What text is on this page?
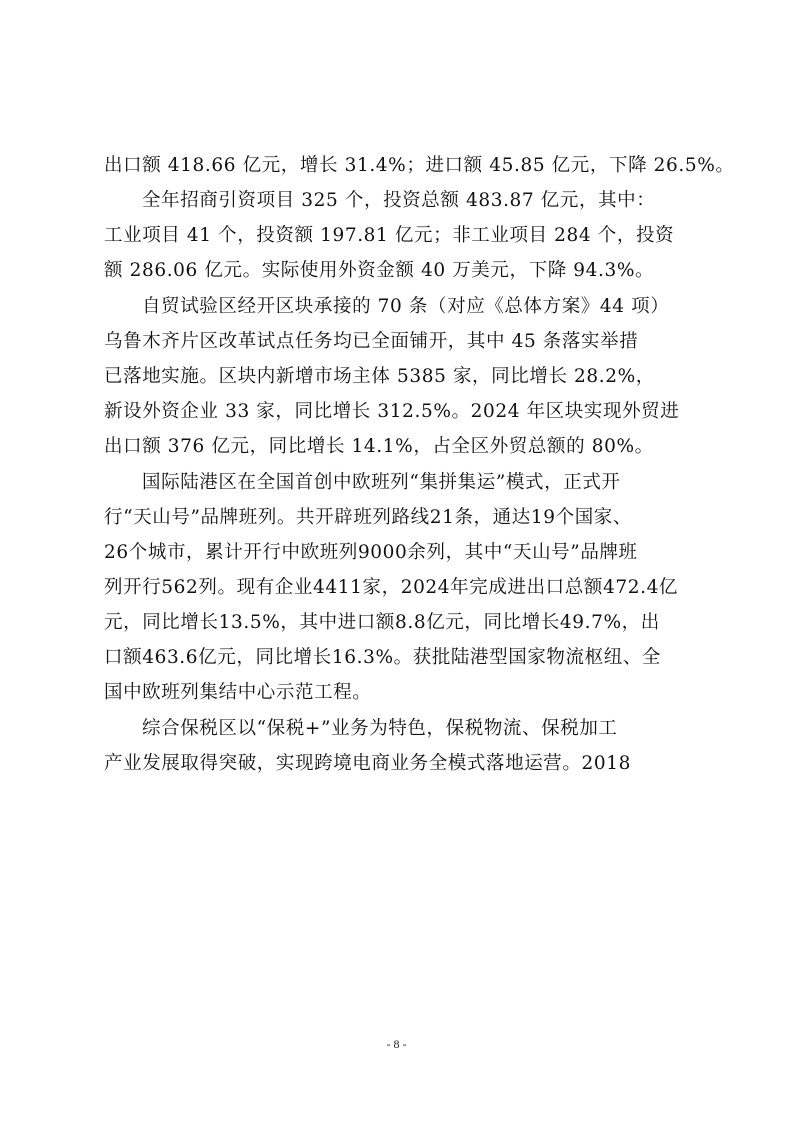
出口额 418.66 亿元，增长 31.4%；进口额 45.85 亿元，下降 26.5%。

全年招商引资项目 325 个，投资总额 483.87 亿元，其中：

工业项目 41 个，投资额 197.81 亿元；非工业项目 284 个，投资

额 286.06 亿元。实际使用外资金额 40 万美元，下降 94.3%。

自贸试验区经开区块承接的 70 条（对应《总体方案》44 项）

乌鲁木齐片区改革试点任务均已全面铺开，其中 45 条落实举措

已落地实施。区块内新增市场主体 5385 家，同比增长 28.2%，

新设外资企业 33 家，同比增长 312.5%。2024 年区块实现外贸进

出口额 376 亿元，同比增长 14.1%，占全区外贸总额的 80%。

国际陆港区在全国首创中欧班列“集拼集运”模式，正式开

行“天山号”品牌班列。共开辟班列路线21条，通达19个国家、

26个城市，累计开行中欧班列9000余列，其中“天山号”品牌班

列开行562列。现有企业4411家，2024年完成进出口总额472.4亿

元，同比增长13.5%，其中进口额8.8亿元，同比增长49.7%，出

口额463.6亿元，同比增长16.3%。获批陆港型国家物流枢纽、全

国中欧班列集结中心示范工程。

综合保税区以“保税+”业务为特色，保税物流、保税加工

产业发展取得突破，实现跨境电商业务全模式落地运营。2018

- 8 -
